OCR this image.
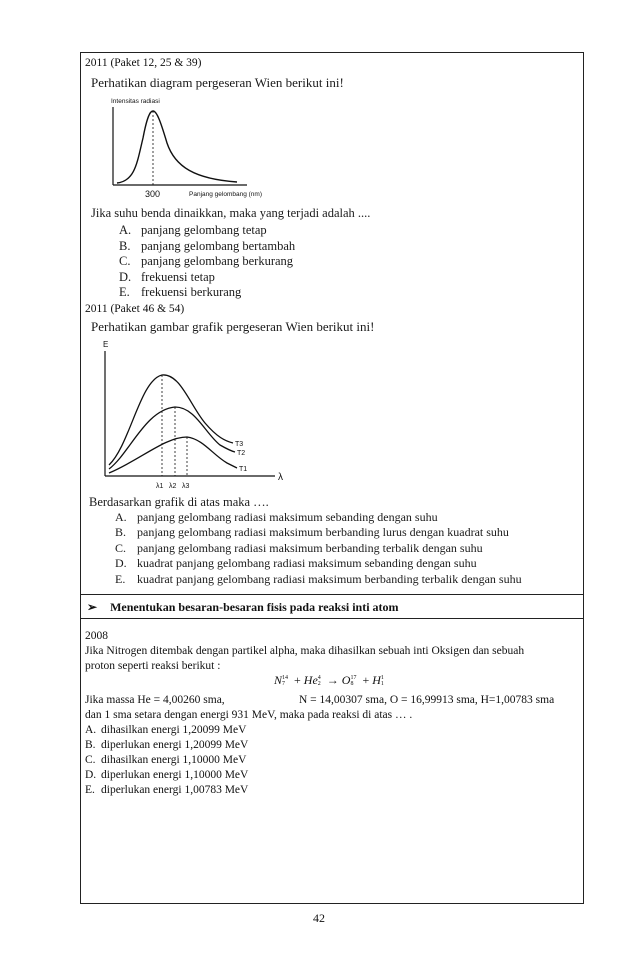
2011 (Paket 12, 25 & 39)
Perhatikan diagram pergeseran Wien berikut ini!
Intensitas radiasi
300	Panjang gelombang (nm)
Jika suhu benda dinaikkan, maka yang terjadi adalah ....
A. panjang gelombang tetap
B. panjang gelombang bertambah
C. panjang gelombang berkurang
D. frekuensi tetap
E. frekuensi berkurang
2011 (Paket 46 & 54)
Perhatikan gambar grafik pergeseran Wien berikut ini!
E
T3
T2
T1
λ
λ1 λ2 λ3
Berdasarkan grafik di atas maka ….
A. panjang gelombang radiasi maksimum sebanding dengan suhu
B. panjang gelombang radiasi maksimum berbanding lurus dengan kuadrat suhu
C. panjang gelombang radiasi maksimum berbanding terbalik dengan suhu
D. kuadrat panjang gelombang radiasi maksimum sebanding dengan suhu
E. kuadrat panjang gelombang radiasi maksimum berbanding terbalik dengan suhu
➢ Menentukan besaran-besaran fisis pada reaksi inti atom
2008
Jika Nitrogen ditembak dengan partikel alpha, maka dihasilkan sebuah inti Oksigen dan sebuah
proton seperti reaksi berikut :
N 14
7 + He 4
2 → O 17
8 + H 1
1
Jika massa He = 4,00260 sma,	N = 14,00307 sma, O = 16,99913 sma, H=1,00783 sma
dan 1 sma setara dengan energi 931 MeV, maka pada reaksi di atas … .
A. dihasilkan energi 1,20099 MeV
B. diperlukan energi 1,20099 MeV
C. dihasilkan energi 1,10000 MeV
D. diperlukan energi 1,10000 MeV
E. diperlukan energi 1,00783 MeV
42
